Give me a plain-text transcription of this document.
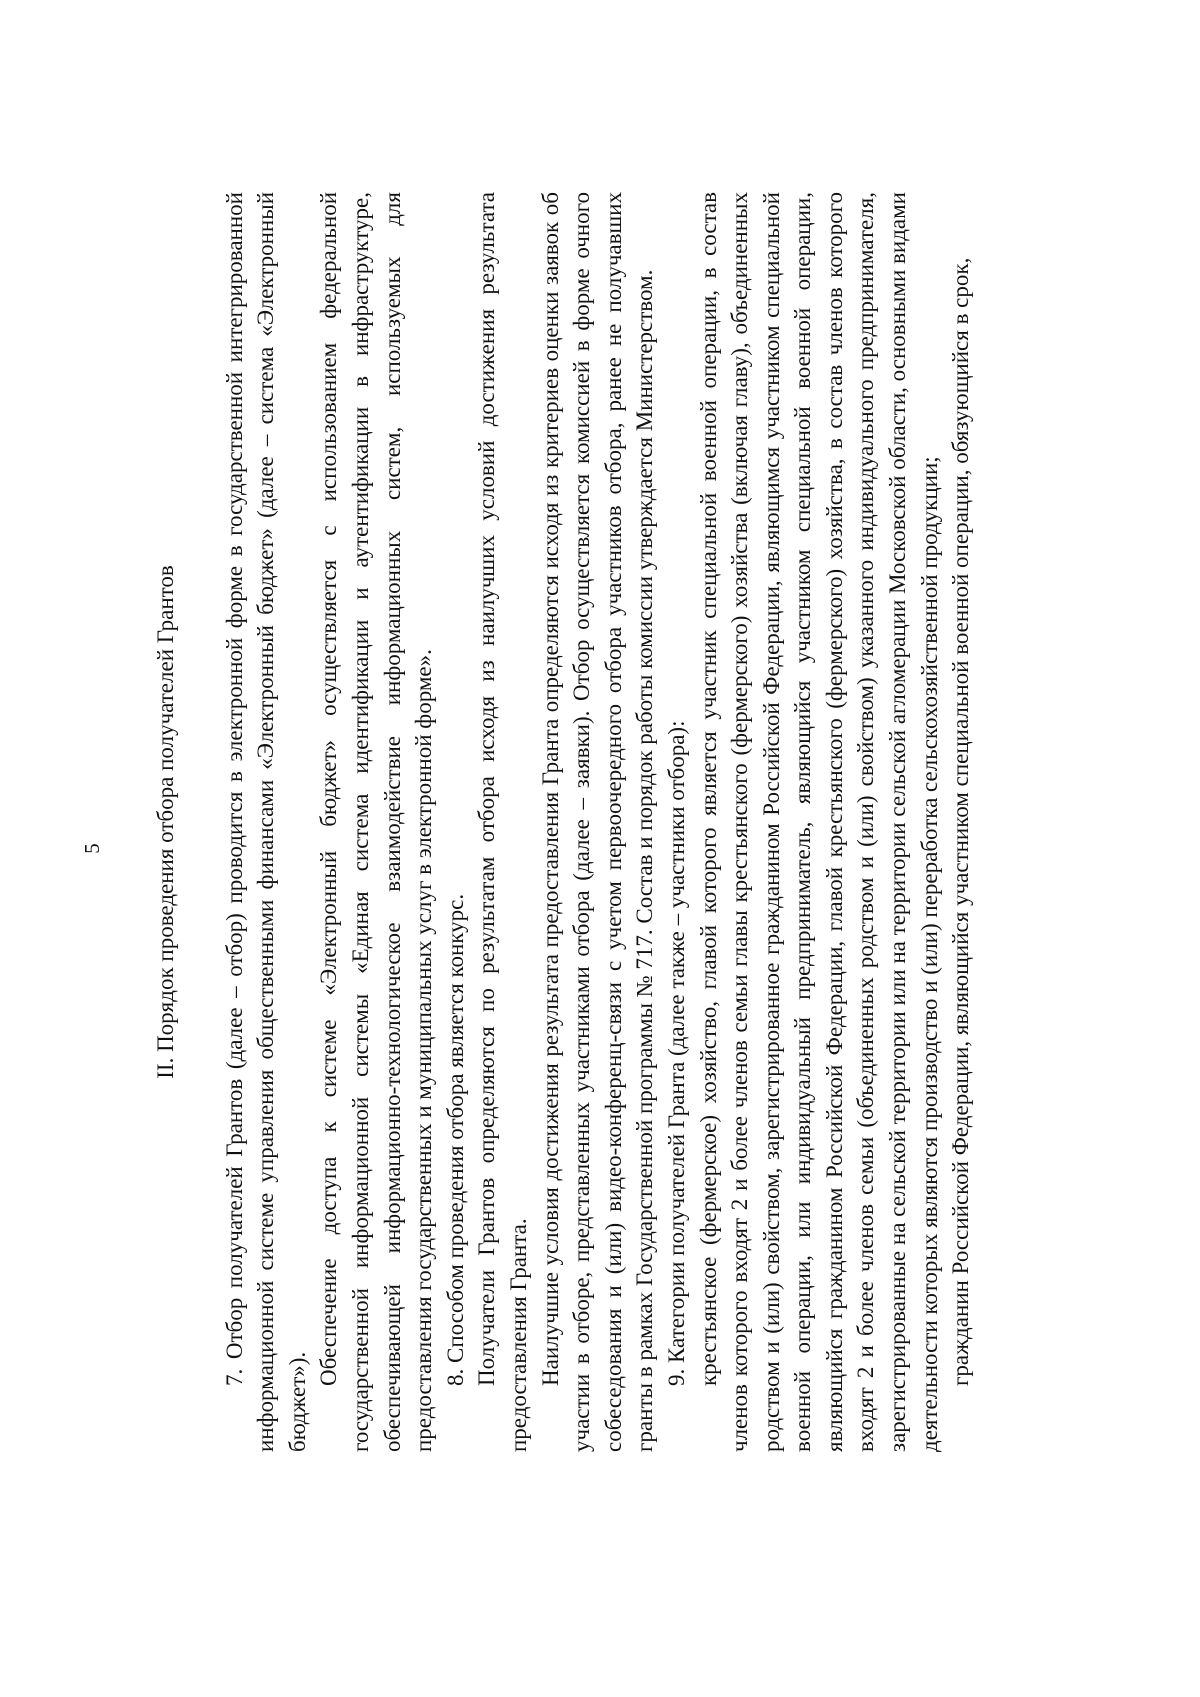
5 II. Порядок проведения отбора получателей Грантов 7. Отбор получателей Грантов (далее – отбор) проводится в электронной форме в государственной интегрированной информационной системе управления общественными финансами «Электронный бюджет» (далее – система «Электронный бюджет»).

Обеспечение доступа к системе «Электронный бюджет» осуществляется с использованием федеральной государственной информационной системы «Единая система идентификации и аутентификации в инфраструктуре, обеспечивающей информационно-технологическое взаимодействие информационных систем, используемых для предоставления государственных и муниципальных услуг в электронной форме». 8. Способом проведения отбора является конкурс. Получатели Грантов определяются по результатам отбора исходя из наилучших условий достижения результата предоставления Гранта. Наилучшие условия достижения результата предоставления Гранта определяются исходя из критериев оценки заявок об участии в отборе, представленных участниками отбора (далее – заявки). Отбор осуществляется комиссией в форме очного собеседования и (или) видео-конференц-связи с учетом первоочередного отбора участников отбора, ранее не получавших гранты в рамках Государственной программы № 717. Состав и порядок работы комиссии утверждается Министерством. 9. Категории получателей Гранта (далее также – участники отбора): крестьянское (фермерское) хозяйство, главой которого является участник специальной военной операции, в состав членов которого входят 2 и более членов семьи главы крестьянского (фермерского) хозяйства (включая главу), объединенных родством и (или) свойством, зарегистрированное гражданином Российской Федерации, являющимся участником специальной военной операции, или индивидуальный предприниматель, являющийся участником специальной военной операции, являющийся гражданином Российской Федерации, главой крестьянского (фермерского) хозяйства, в состав членов которого входят 2 и более членов семьи (объединенных родством и (или) свойством) указанного индивидуального предпринимателя, зарегистрированные на сельской территории или на территории сельской агломерации Московской области, основными видами деятельности которых являются производство и (или) переработка сельскохозяйственной продукции; гражданин Российской Федерации, являющийся участником специальной военной операции, обязующийся в срок,
